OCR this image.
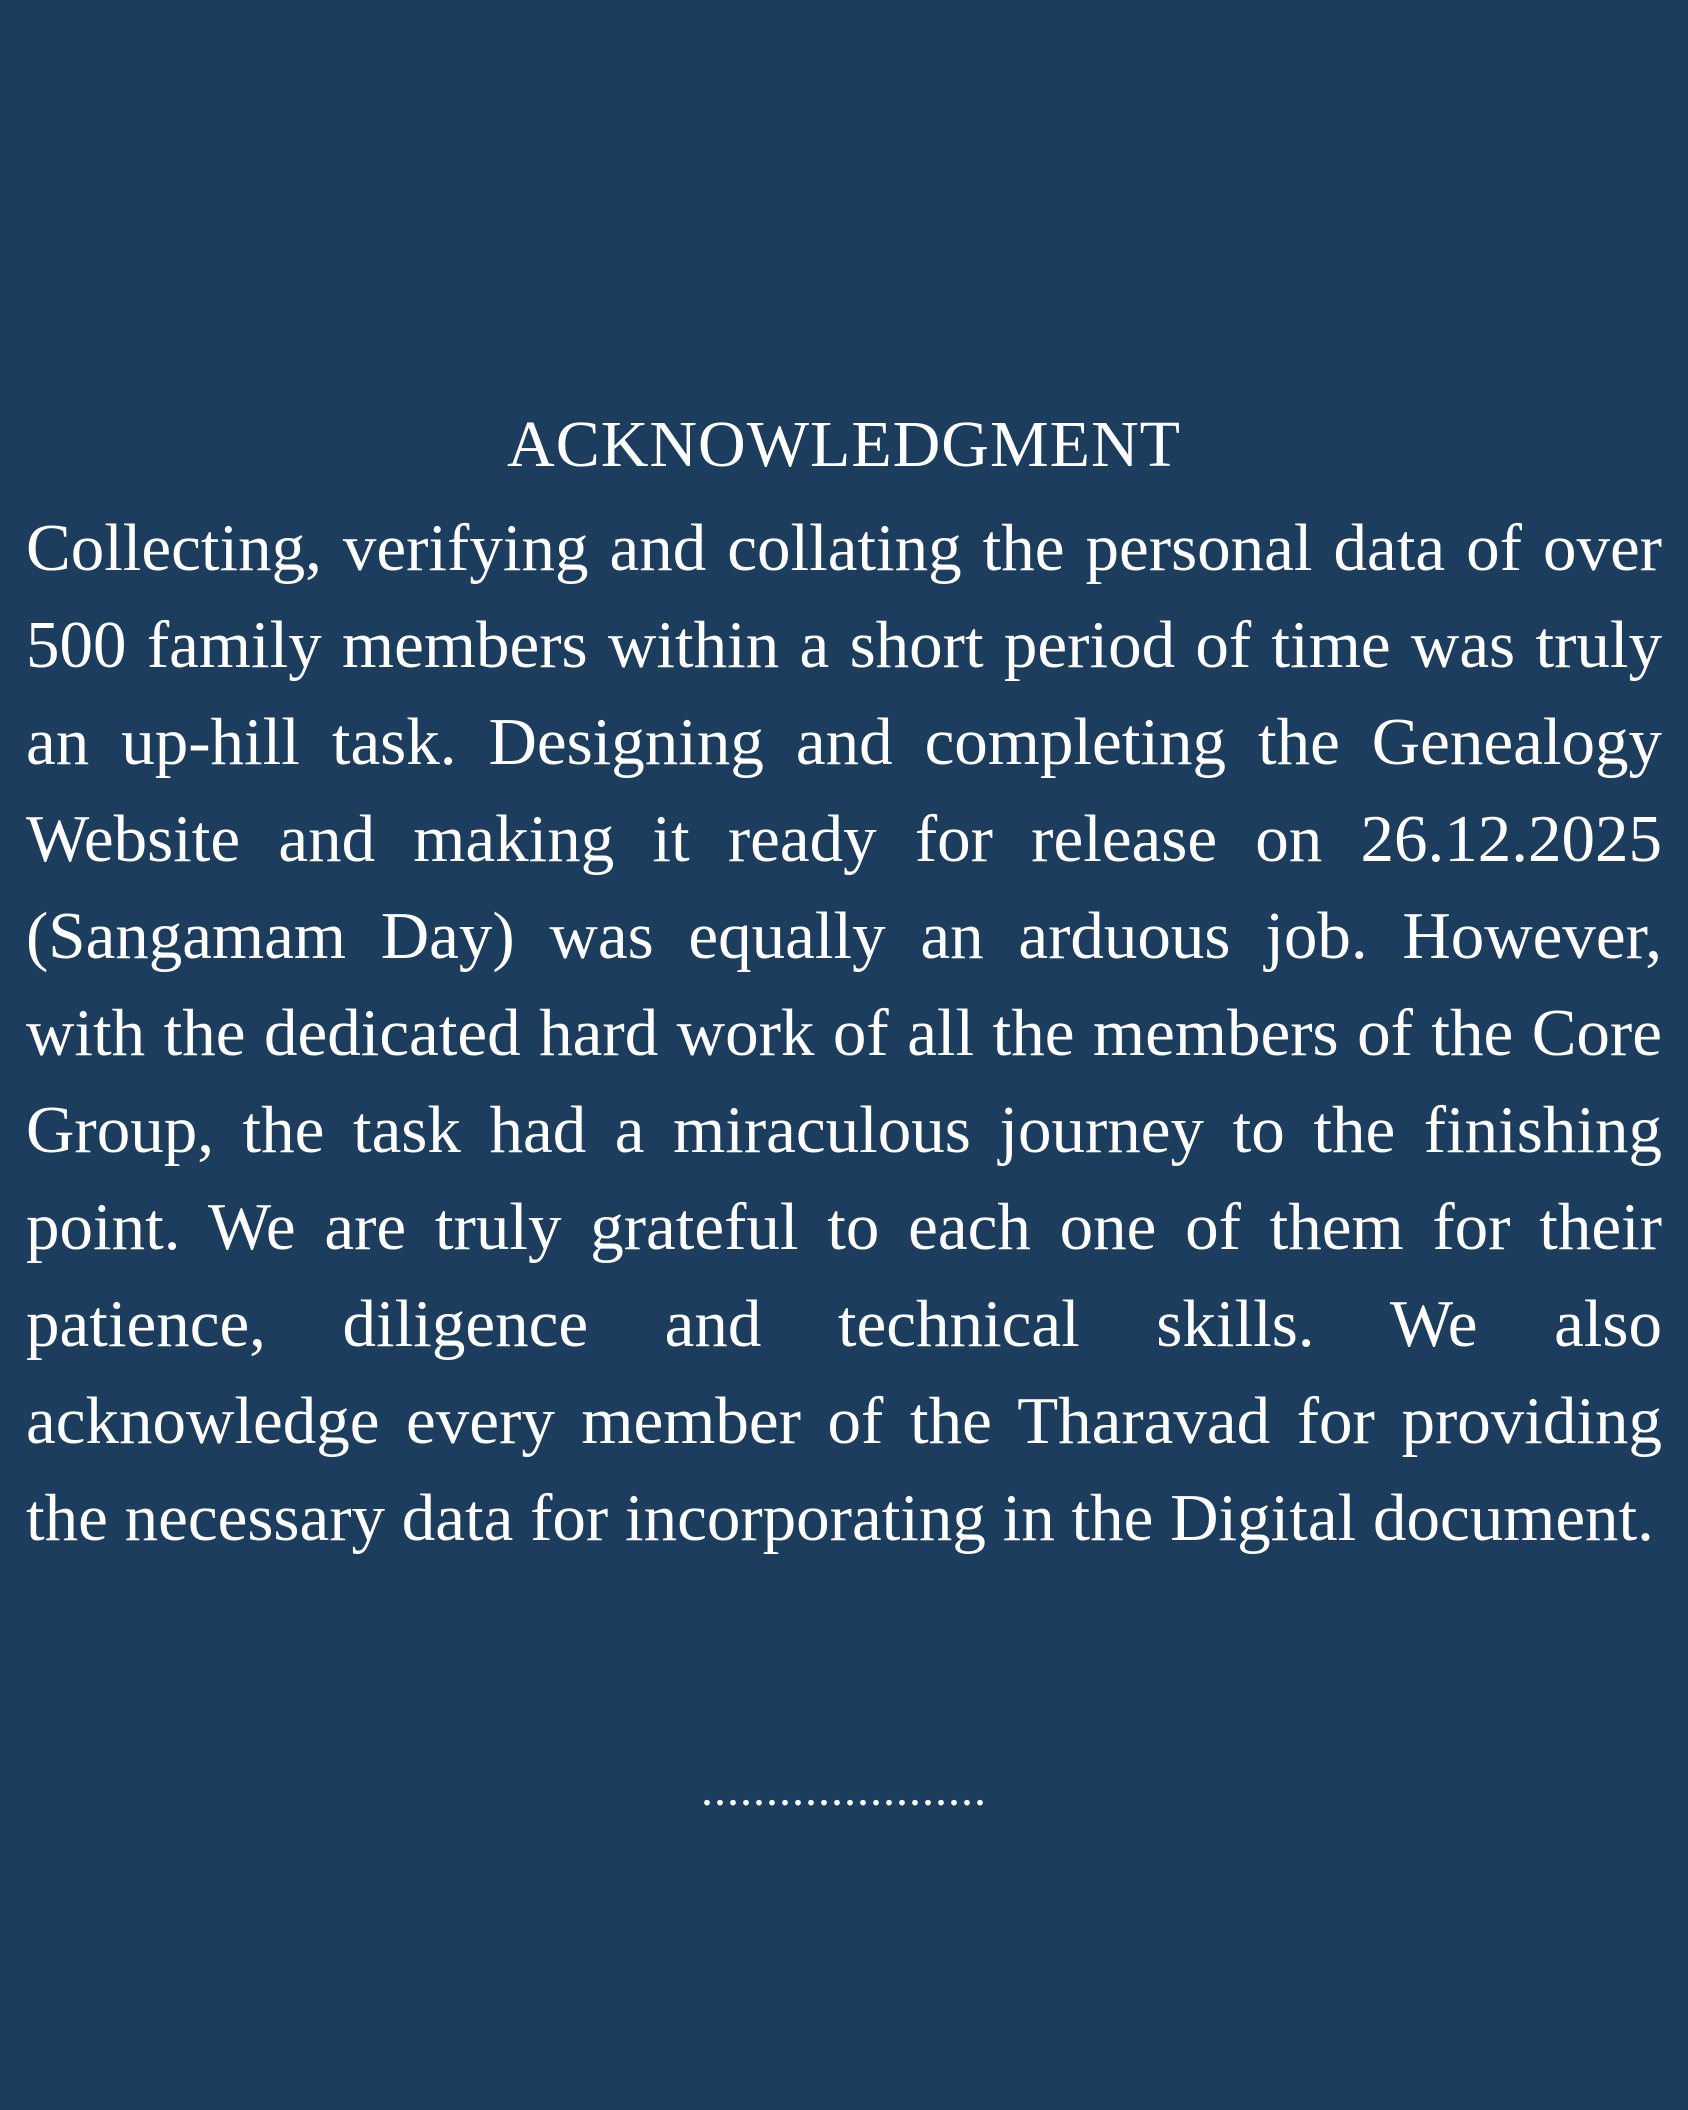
ACKNOWLEDGMENT

Collecting, verifying and collating the personal data of over 500 family members within a short period of time was truly an up-hill task. Designing and completing the Genealogy Website and making it ready for release on 26.12.2025 (Sangamam Day) was equally an arduous job. However, with the dedicated hard work of all the members of the Core Group, the task had a miraculous journey to the finishing point. We are truly grateful to each one of them for their patience, diligence and technical skills. We also acknowledge every member of the Tharavad for providing the necessary data for incorporating in the Digital document.

......................
